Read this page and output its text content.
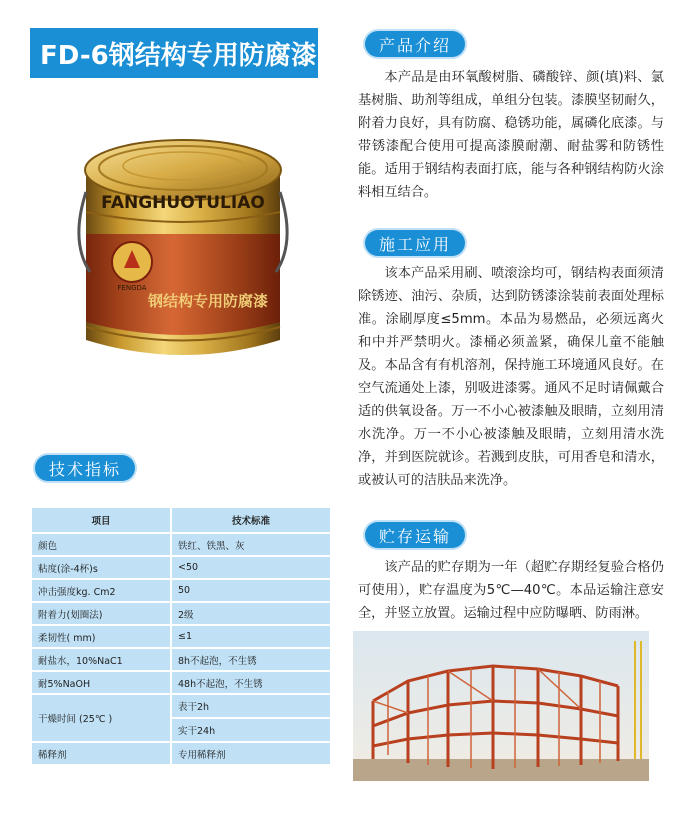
FD-6钢结构专用防腐漆
FANGHUOTULIAO
FENGDA
钢结构专用防腐漆
产品介绍
本产品是由环氧酸树脂、磷酸锌、颜(填)料、氯基树脂、助剂等组成，单组分包装。漆膜坚韧耐久，附着力良好，具有防腐、稳锈功能，属磷化底漆。与带锈漆配合使用可提高漆膜耐潮、耐盐雾和防锈性能。适用于钢结构表面打底，能与各种钢结构防火涂料相互结合。
施工应用
该本产品采用刷、喷滚涂均可，钢结构表面须清除锈迹、油污、杂质，达到防锈漆涂装前表面处理标准。涂刷厚度≤5mm。本品为易燃品，必须远离火和中并严禁明火。漆桶必须盖紧，确保儿童不能触及。本品含有有机溶剂，保持施工环境通风良好。在空气流通处上漆，别吸进漆雾。通风不足时请佩戴合适的供氧设备。万一不小心被漆触及眼睛，立刻用清水洗净。万一不小心被漆触及眼睛，立刻用清水洗净，并到医院就诊。若溅到皮肤，可用香皂和清水，或被认可的洁肤品来洗净。
技术指标
项目	技术标准
颜色	铁红、铁黑、灰
粘度(涂-4杯)s	<50
冲击强度kg. Cm2	50
附着力(划圈法)	2级
柔韧性( mm)	≤1
耐盐水，10%NaC1	8h不起泡，不生锈
耐5%NaOH	48h不起泡，不生锈
干燥时间 (25℃ )	表干2h
	实干24h
稀释剂	专用稀释剂
贮存运输
该产品的贮存期为一年（超贮存期经复验合格仍可使用），贮存温度为5℃—40℃。本品运输注意安全，并竖立放置。运输过程中应防曝晒、防雨淋。
